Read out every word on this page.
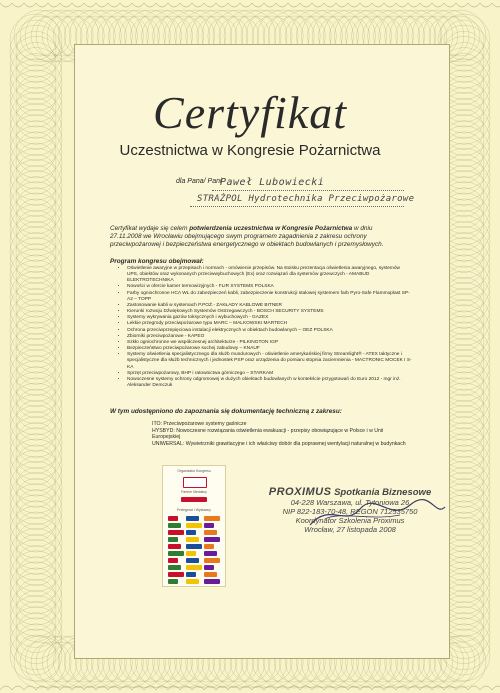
Certyfikat
Uczestnictwa w Kongresie Pożarnictwa
dla Pana/ Pani
Paweł Lubowiecki
STRAŻPOL Hydrotechnika Przeciwpożarowe
Certyfikat wydaje się celem potwierdzenia uczestnictwa w Kongresie Pożarnictwa w dniu 27.11.2008 we Wrocławiu obejmującego swym programem zagadnienia z zakresu ochrony przeciwpożarowej i bezpieczeństwa energetycznego w obiektach budowlanych i przemysłowych.
Program kongresu obejmował:
• Oświetlenie awaryjne w przepisach i normach - omówienie przepisów. Na stoisku prezentacja oświetlenia awaryjnego, systemów UPS, obiektów oraz wykonanych przeciwwybuchowych (Ex) oraz rozwiązań dla systemów grzewczych - AMABUD ELEKTROTECHNIKA
• Nowości w ofercie kamer termowizyjnych - FLIR SYSTEMS POLSKA
• Farby ogniochronne HCA WL do zabezpieczeń kabli, zabezpieczenie konstrukcji stalowej systemem farb Pyro-Safe Flammoplast SP-A2 – TOPP
• Zastosowanie kabli w systemach P.POŻ.- ZAKŁADY KABLOWE BITNER
• Kierunki rozwoju Dźwiękowych Systemów Ostrzegawczych - BOSCH SECURITY SYSTEMS
• Systemy wykrywania gazów toksycznych i wybuchowych - GAZEX
• Lekkie przegrody przeciwpożarowe typu MARC – MALKOWSKI MARTECH
• Ochrona przeciwprzepięciowa instalacji elektrycznych w obiektach budowlanych – OEZ POLSKA
• Zbiorniki przeciwpożarowe - KAPEO
• Szkło ogniochronne we współczesnej architekturze - PILKINGTON IGP
• Bezpieczeństwo przeciwpożarowe suchej zabudowy – KNAUF
• Systemy oświetlenia specjalistycznego dla służb mundurowych - oświetlenie amerykańskiej firmy Streamlight® - ATEX taktyczne i specjalistyczne dla służb technicznych i jednostek PSP oraz urządzenia do pomiaru stopnia zaciemnienia - MACTRONIC MOCEK I S-KA
• Sprzęt przeciwpożarowy, BHP i ratownictwa górniczego – STARKAM
• Nowoczesne systemy ochrony odgromowej w dużych obiektach budowlanych w kontekście przygotowań do Euro 2012 - mgr inż. Aleksander Demczuk
W tym udostępniono do zapoznania się dokumentację techniczną z zakresu:
ITO: Przeciwpożarowe systemy gaśnicze
HYSBYD: Nowoczesne rozwiązania oświetlenia ewakuacji - przepisy obowiązujące w Polsce i w Unii Europejskiej
UNIWERSAL: Wywietrzniki grawitacyjne i ich właściwy dobór dla poprawnej wentylacji naturalnej w budynkach
Organizator Kongresu
Partner Medialny
Prelegenci i Wystawcy
PROXIMUS Spotkania Biznesowe
04-228 Warszawa, ul. Tytoniowa 26
NIP 822-183-70-48, REGON 712535750
Koordynator Szkolenia Proximus
Wrocław, 27 listopada 2008
